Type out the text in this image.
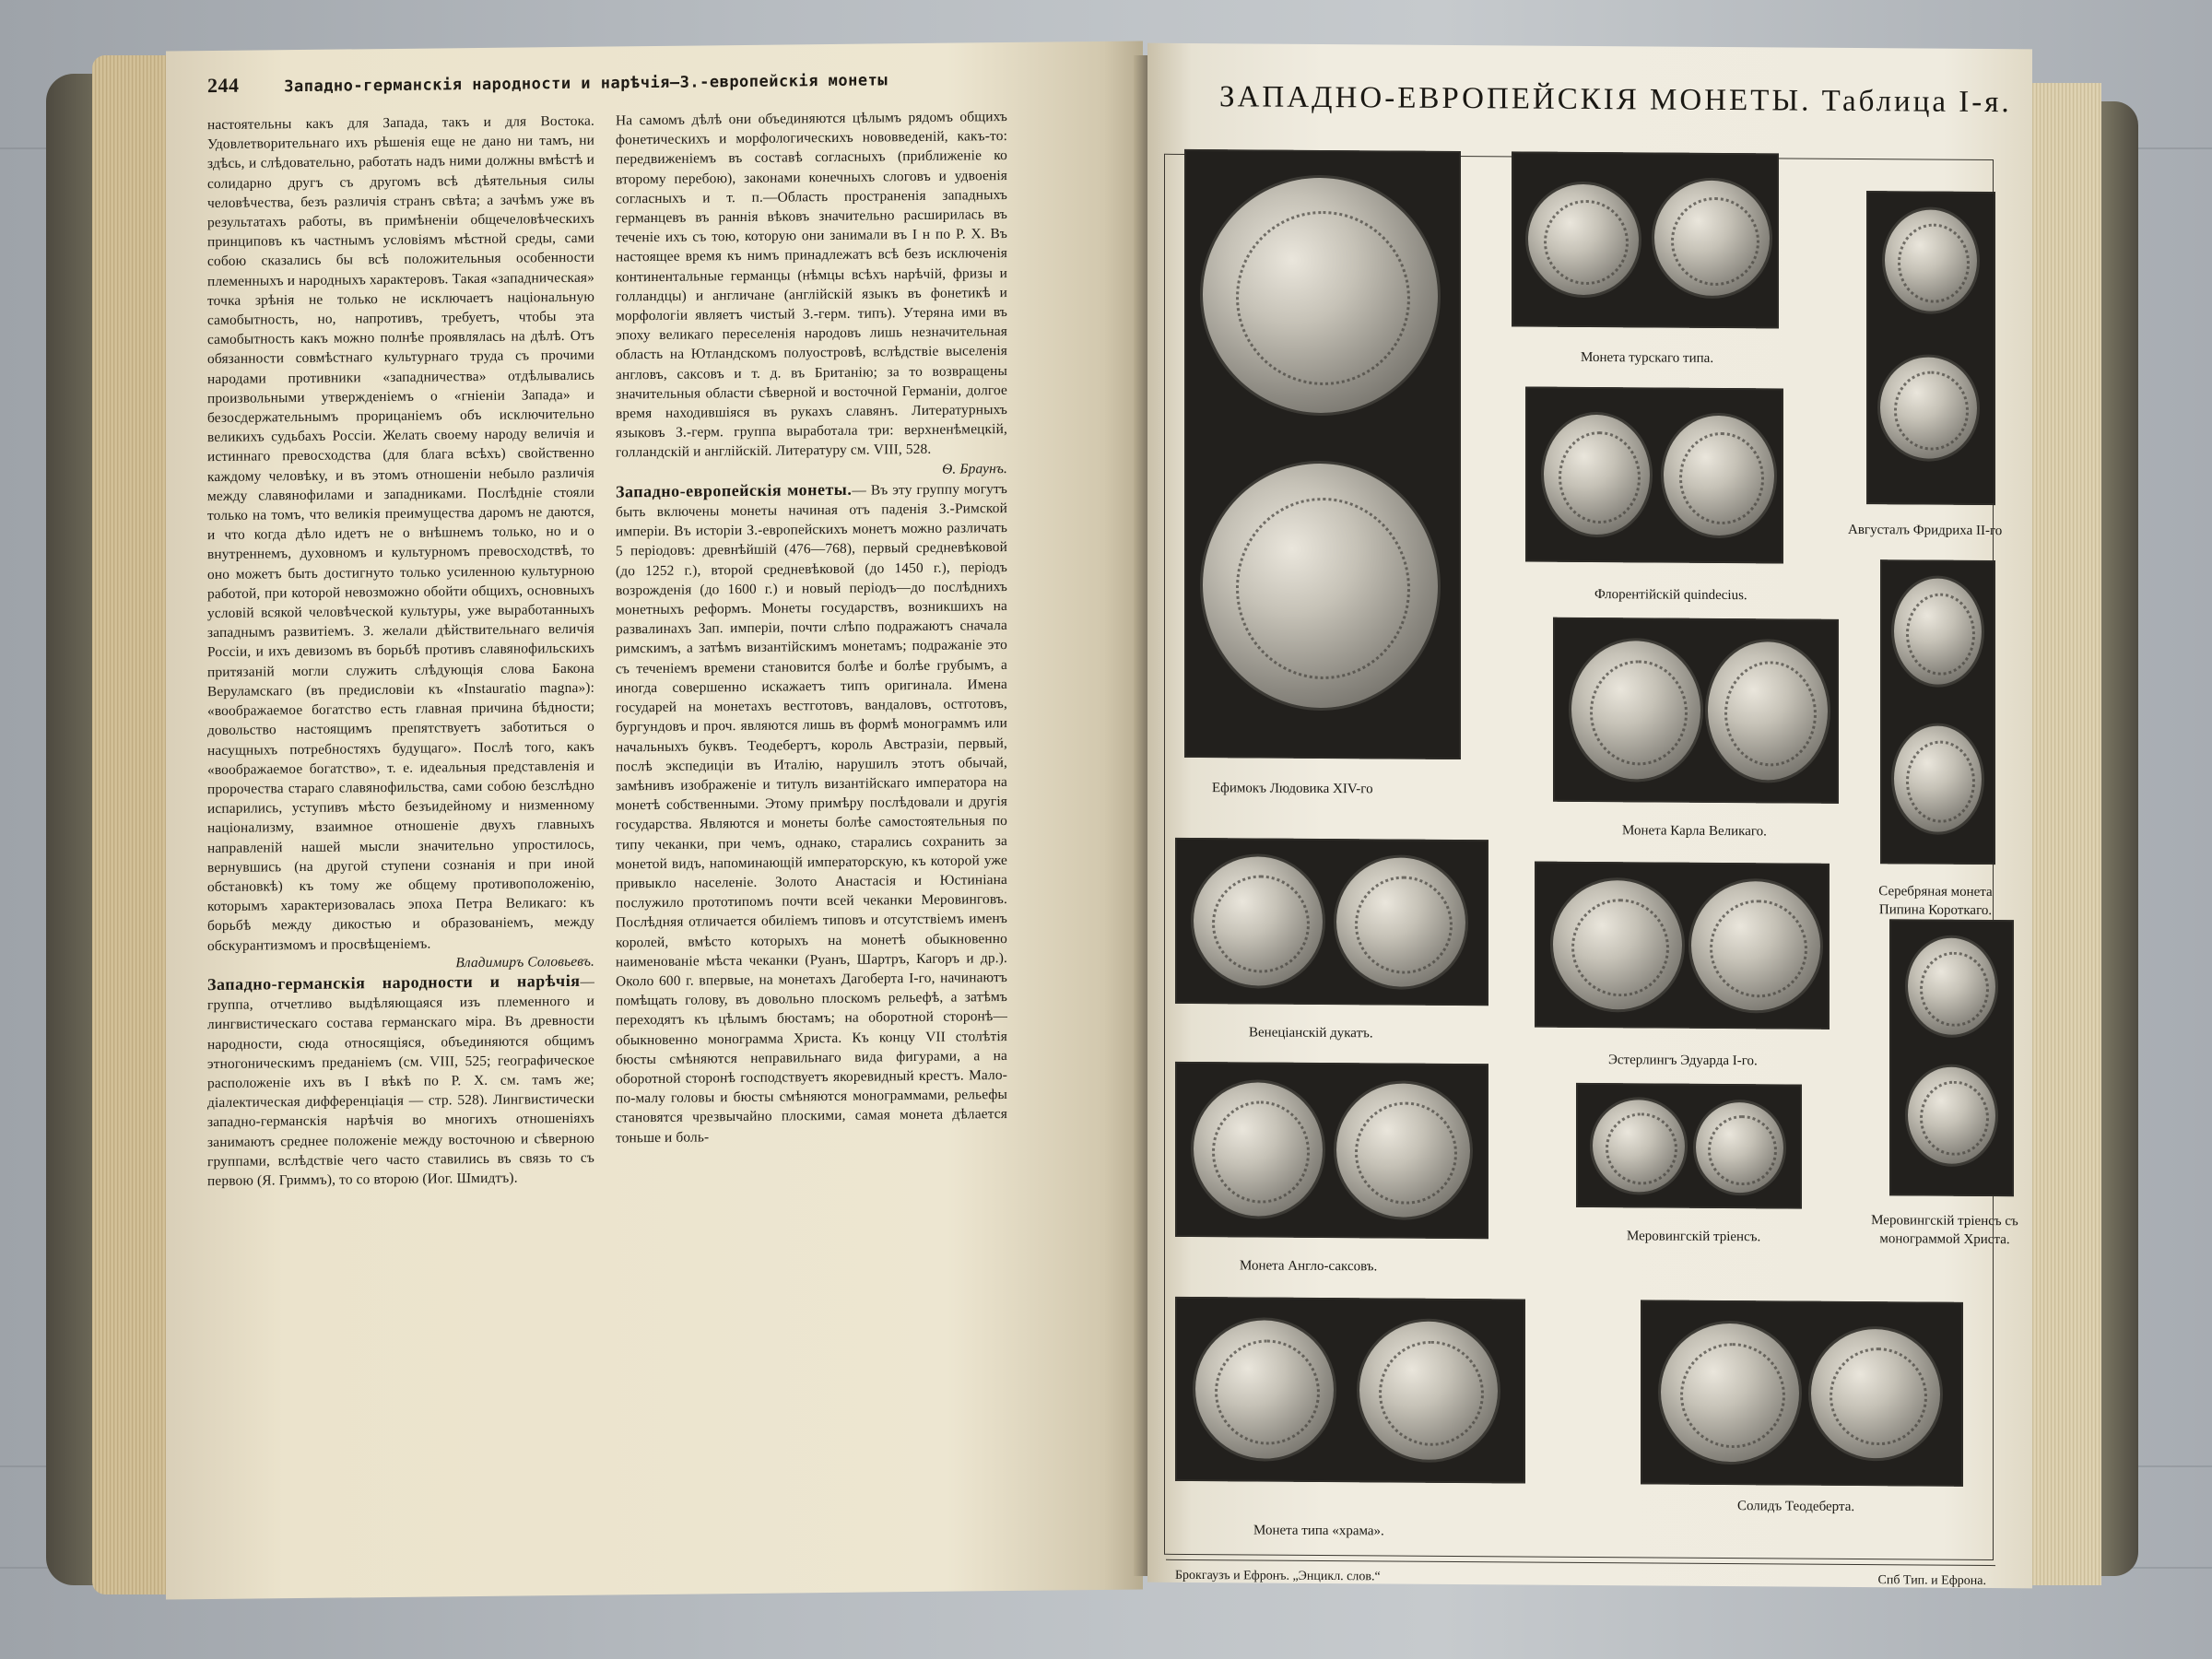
244	Западно-германскія народности и нарѣчія—З.-европейскія монеты

настоятельны какъ для Запада, такъ и для Востока. Удовлетворительнаго ихъ рѣшенія еще не дано ни тамъ, ни здѣсь, и слѣдовательно, работать надъ ними должны вмѣстѣ и солидарно другъ съ другомъ всѣ дѣятельныя силы человѣчества, безъ различія странъ свѣта; а зачѣмъ уже въ результатахъ работы, въ примѣненіи общечеловѣческихъ принциповъ къ частнымъ условіямъ мѣстной среды, сами собою сказались бы всѣ положительныя особенности племенныхъ и народныхъ характеровъ. Такая «западническая» точка зрѣнія не только не исключаетъ національную самобытность, но, напротивъ, требуетъ, чтобы эта самобытность какъ можно полнѣе проявлялась на дѣлѣ. Отъ обязанности совмѣстнаго культурнаго труда съ прочими народами противники «западничества» отдѣлывались произвольными утвержденіемъ о «гніеніи Запада» и безосдержательнымъ прорицаніемъ объ исключительно великихъ судьбахъ Россіи. Желать своему народу величія и истиннаго превосходства (для блага всѣхъ) свойственно каждому человѣку, и въ этомъ отношеніи небыло различія между славянофилами и западниками. Послѣдніе стояли только на томъ, что великія преимущества даромъ не даются, и что когда дѣло идетъ не о внѣшнемъ только, но и о внутреннемъ, духовномъ и культурномъ превосходствѣ, то оно можетъ быть достигнуто только усиленною культурною работой, при которой невозможно обойти общихъ, основныхъ условій всякой человѣческой культуры, уже выработанныхъ западнымъ развитіемъ. З. желали дѣйствительнаго величія Россіи, и ихъ девизомъ въ борьбѣ противъ славянофильскихъ притязаній могли служить слѣдующія слова Бакона Веруламскаго (въ предисловіи къ «Instauratio magna»): «воображаемое богатство есть главная причина бѣдности; довольство настоящимъ препятствуетъ заботиться о насущныхъ потребностяхъ будущаго». Послѣ того, какъ «воображаемое богатство», т. е. идеальныя представленія и пророчества стараго славянофильства, сами собою безслѣдно испарились, уступивъ мѣсто безъидейному и низменному націонализму, взаимное отношеніе двухъ главныхъ направленій нашей мысли значительно упростилось, вернувшись (на другой ступени сознанія и при иной обстановкѣ) къ тому же общему противоположенію, которымъ характеризовалась эпоха Петра Великаго: къ борьбѣ между дикостью и образованіемъ, между обскурантизмомъ и просвѣщеніемъ.

Владимиръ Соловьевъ.

Западно-германскія народности и нарѣчія— группа, отчетливо выдѣляющаяся изъ племенного и лингвистическаго состава германскаго міра. Въ древности народности, сюда относящіяся, объединяются общимъ этногоническимъ преданіемъ (см. VIII, 525; географическое расположеніе ихъ въ I вѣкѣ по Р. Х. см. тамъ же; діалектическая дифференціація — стр. 528). Лингвистически западно-германскія нарѣчія во многихъ отношеніяхъ занимаютъ среднее положеніе между восточною и сѣверною группами, вслѣдствіе чего часто ставились въ связь то съ первою (Я. Гриммъ), то со второю (Иог. Шмидтъ).

На самомъ дѣлѣ они объединяются цѣлымъ рядомъ общихъ фонетическихъ и морфологическихъ нововведеній, какъ-то: передвиженіемъ въ составѣ согласныхъ (приближеніе ко второму перебою), законами конечныхъ слоговъ и удвоенія согласныхъ и т. п.—Область пространенія западныхъ германцевъ въ раннія вѣковъ значительно расширилась въ теченіе ихъ съ тою, которую они занимали въ I н по Р. Х. Въ настоящее время къ нимъ принадлежатъ всѣ безъ исключенія континентальные германцы (нѣмцы всѣхъ нарѣчій, фризы и голландцы) и англичане (англійскій языкъ въ фонетикѣ и морфологіи являетъ чистый З.-герм. типъ). Утерянa ими въ эпоху великаго переселенія народовъ лишь незначительная область на Ютландскомъ полуостровѣ, вслѣдствіе выселенія англовъ, саксовъ и т. д. въ Британію; за то возвращены значительныя области сѣверной и восточной Германіи, долгое время находившіяся въ рукахъ славянъ. Литературныхъ языковъ З.-герм. группа выработала три: верхненѣмецкій, голландскій и англійскій. Литературу см. VIII, 528.

Ѳ. Браунъ.

Западно-европейскія монеты.— Въ эту группу могутъ быть включены монеты начиная отъ паденія З.-Римской имперіи. Въ исторіи З.-европейскихъ монетъ можно различать 5 періодовъ: древнѣйшій (476—768), первый средневѣковой (до 1252 г.), второй средневѣковой (до 1450 г.), періодъ возрожденія (до 1600 г.) и новый періодъ—до послѣднихъ монетныхъ реформъ. Монеты государствъ, возникшихъ на развалинахъ Зап. имперіи, почти слѣпо подражаютъ сначала римскимъ, а затѣмъ византійскимъ монетамъ; подражаніе это съ теченіемъ времени становится болѣе и болѣе грубымъ, а иногда совершенно искажаетъ типъ оригинала. Имена государей на монетахъ вестготовъ, вандаловъ, остготовъ, бургундовъ и проч. являются лишь въ формѣ монограммъ или начальныхъ буквъ. Теодебертъ, король Австразіи, первый, послѣ экспедиціи въ Италію, нарушилъ этотъ обычай, замѣнивъ изображеніе и титулъ византійскаго императора на монетѣ собственными. Этому примѣру послѣдовали и другія государства. Являются и монеты болѣе самостоятельныя по типу чеканки, при чемъ, однако, старались сохранить за монетой видъ, напоминающій императорскую, къ которой уже привыкло населеніе. Золото Анастасія и Юстиніана послужило прототипомъ почти всей чеканки Меровинговъ. Послѣдняя отличается обиліемъ типовъ и отсутствіемъ именъ королей, вмѣсто которыхъ на монетѣ обыкновенно наименованіе мѣста чеканки (Руанъ, Шартръ, Кагоръ и др.). Около 600 г. впервые, на монетахъ Дагоберта I-го, начинаютъ помѣщать голову, въ довольно плоскомъ рельефѣ, а затѣмъ переходятъ къ цѣлымъ бюстамъ; на оборотной сторонѣ—обыкновенно монограмма Христа. Къ концу VII столѣтія бюсты смѣняются неправильнаго вида фигурами, а на оборотной сторонѣ господствуетъ якоревидный крестъ. Мало-по-малу головы и бюсты смѣняются монограммами, рельефы становятся чрезвычайно плоскими, самая монета дѣлается тоньше и боль-

ЗАПАДНО-ЕВРОПЕЙСКІЯ МОНЕТЫ. Таблица I-я.
Ефимокъ Людовика XIV-го
Монета турскаго типа.
Августалъ Фридриха II-го
Флорентійскій quindecius.
Монета Карла Великаго.
Серебряная монета Пипина Короткаго.
Венеціанскій дукатъ.
Эстерлингъ Эдуарда I-го.
Монета Англо-саксовъ.
Меровингскій тріенсъ.
Меровингскій тріенсъ съ монограммой Христа.
Монета типа «храма».
Солидъ Теодеберта.
Брокгаузъ и Ефронъ. „Энцикл. слов.“	Спб Тип. и Ефрона.
